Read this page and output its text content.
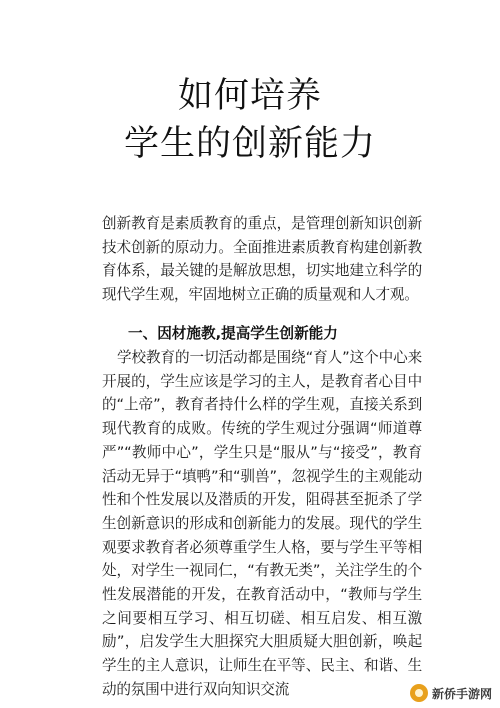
如何培养
学生的创新能力
创新教育是素质教育的重点，是管理创新知识创新技术创新的原动力。全面推进素质教育构建创新教育体系，最关键的是解放思想，切实地建立科学的现代学生观，牢固地树立正确的质量观和人才观。
一、因材施教,提高学生创新能力
学校教育的一切活动都是围绕“育人”这个中心来开展的，学生应该是学习的主人，是教育者心目中的“上帝”，教育者持什么样的学生观，直接关系到现代教育的成败。传统的学生观过分强调“师道尊严”“教师中心”，学生只是“服从”与“接受”，教育活动无异于“填鸭”和“驯兽”，忽视学生的主观能动性和个性发展以及潜质的开发，阻碍甚至扼杀了学生创新意识的形成和创新能力的发展。现代的学生观要求教育者必须尊重学生人格，要与学生平等相处，对学生一视同仁，“有教无类”，关注学生的个性发展潜能的开发，在教育活动中，“教师与学生之间要相互学习、相互切磋、相互启发、相互激励”，启发学生大胆探究大胆质疑大胆创新，唤起学生的主人意识，让师生在平等、民主、和谐、生动的氛围中进行双向知识交流	新侨手游网
